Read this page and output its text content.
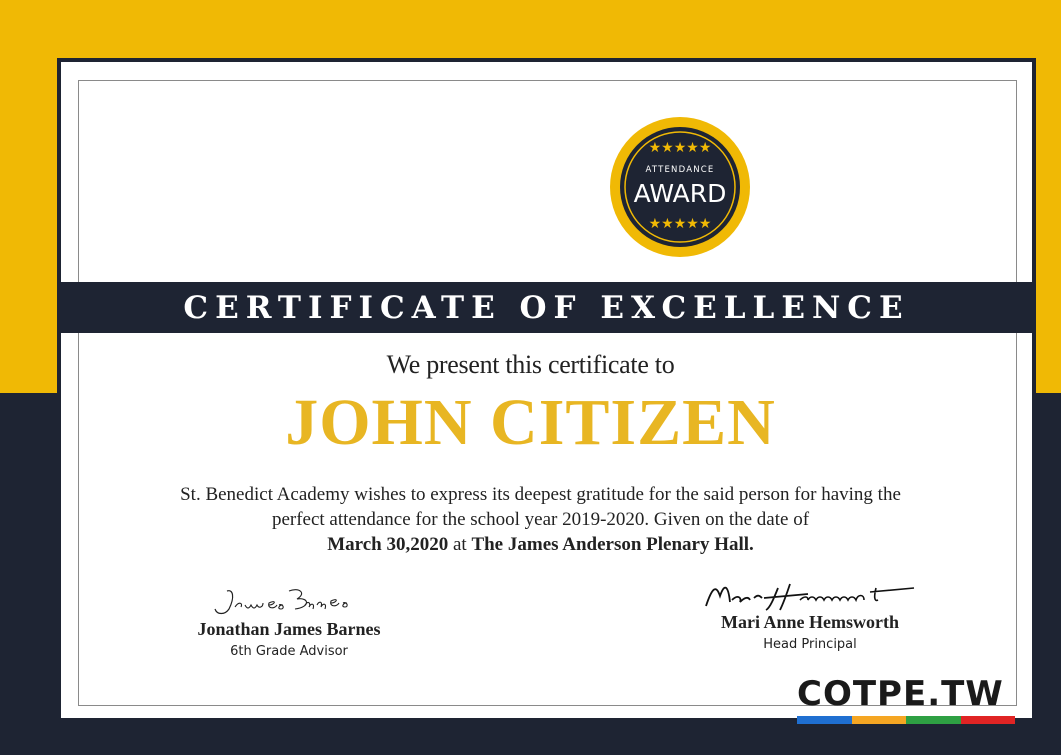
★★★★★
ATTENDANCE
AWARD
★★★★★
CERTIFICATE OF EXCELLENCE
We present this certificate to
JOHN CITIZEN
St. Benedict Academy wishes to express its deepest gratitude for the said person for having the
perfect attendance for the school year 2019-2020. Given on the date of
March 30,2020 at The James Anderson Plenary Hall.
Jonathan James Barnes
6th Grade Advisor
Mari Anne Hemsworth
Head Principal
COTPE.TW
